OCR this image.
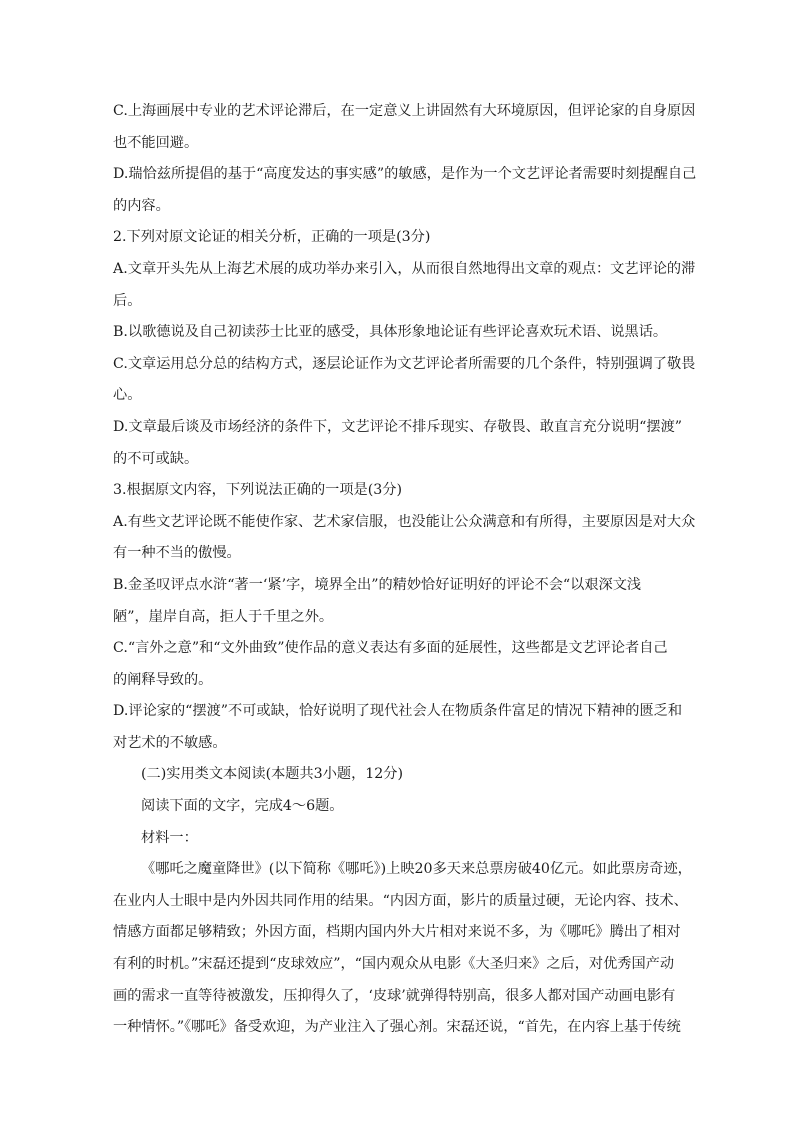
C.上海画展中专业的艺术评论滞后，在一定意义上讲固然有大环境原因，但评论家的自身原因
也不能回避。
D.瑞恰兹所提倡的基于“高度发达的事实感”的敏感，是作为一个文艺评论者需要时刻提醒自己
的内容。
2.下列对原文论证的相关分析，正确的一项是(3分)
A.文章开头先从上海艺术展的成功举办来引入，从而很自然地得出文章的观点：文艺评论的滞
后。
B.以歌德说及自己初读莎士比亚的感受，具体形象地论证有些评论喜欢玩术语、说黑话。
C.文章运用总分总的结构方式，逐层论证作为文艺评论者所需要的几个条件，特别强调了敬畏
心。
D.文章最后谈及市场经济的条件下，文艺评论不排斥现实、存敬畏、敢直言充分说明“摆渡”
的不可或缺。
3.根据原文内容，下列说法正确的一项是(3分)
A.有些文艺评论既不能使作家、艺术家信服，也没能让公众满意和有所得，主要原因是对大众
有一种不当的傲慢。
B.金圣叹评点水浒“著一‘紧’字，境界全出”的精妙恰好证明好的评论不会“以艰深文浅
陋”，崖岸自高，拒人于千里之外。
C.“言外之意”和“文外曲致”使作品的意义表达有多面的延展性，这些都是文艺评论者自己
的阐释导致的。
D.评论家的“摆渡”不可或缺，恰好说明了现代社会人在物质条件富足的情况下精神的匮乏和
对艺术的不敏感。
(二)实用类文本阅读(本题共3小题，12分)
阅读下面的文字，完成4～6题。
材料一：
《哪吒之魔童降世》(以下简称《哪吒》)上映20多天来总票房破40亿元。如此票房奇迹，
在业内人士眼中是内外因共同作用的结果。“内因方面，影片的质量过硬，无论内容、技术、
情感方面都足够精致；外因方面，档期内国内外大片相对来说不多，为《哪吒》腾出了相对
有利的时机。”宋磊还提到“皮球效应”，“国内观众从电影《大圣归来》之后，对优秀国产动
画的需求一直等待被激发，压抑得久了，‘皮球’就弹得特别高，很多人都对国产动画电影有
一种情怀。”《哪吒》备受欢迎，为产业注入了强心剂。宋磊还说，“首先，在内容上基于传统
